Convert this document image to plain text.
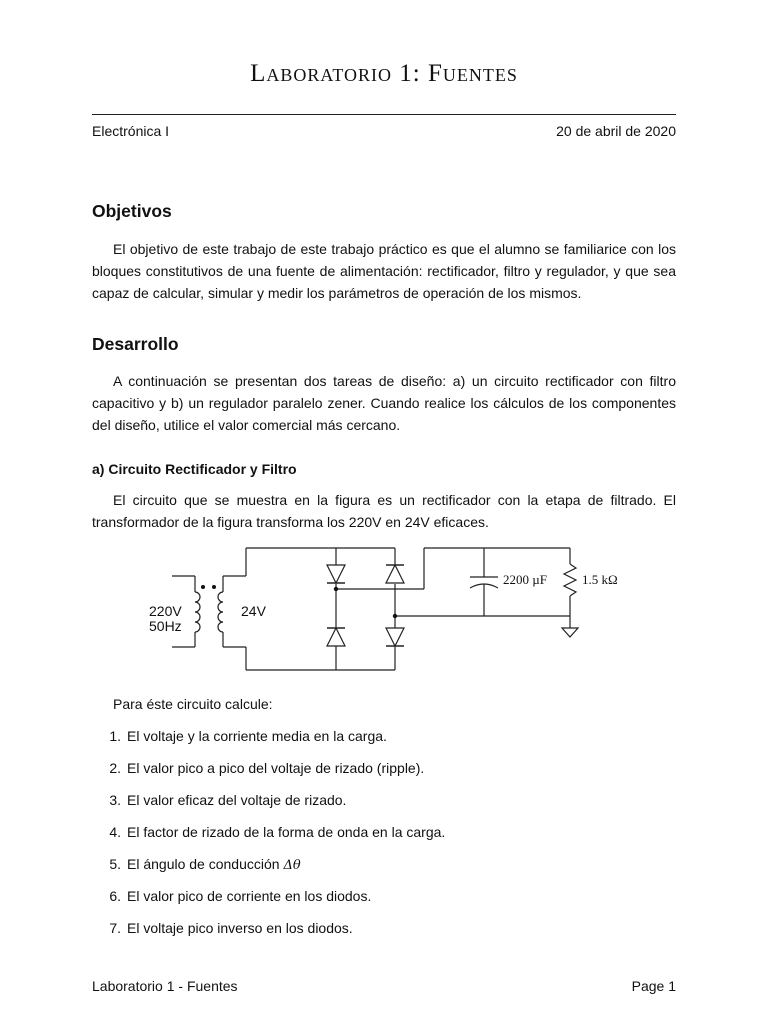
Laboratorio 1: Fuentes
Electrónica I	20 de abril de 2020
Objetivos

El objetivo de este trabajo de este trabajo práctico es que el alumno se familiarice con los bloques constitutivos de una fuente de alimentación: rectificador, filtro y regulador, y que sea capaz de calcular, simular y medir los parámetros de operación de los mismos.

Desarrollo

A continuación se presentan dos tareas de diseño: a) un circuito rectificador con filtro capacitivo y b) un regulador paralelo zener. Cuando realice los cálculos de los componentes del diseño, utilice el valor comercial más cercano.

a) Circuito Rectificador y Filtro

El circuito que se muestra en la figura es un rectificador con la etapa de filtrado. El transformador de la figura transforma los 220V en 24V eficaces.

220V
50Hz
24V
2200 µF	1.5 kΩ

Para éste circuito calcule:

1. El voltaje y la corriente media en la carga.
2. El valor pico a pico del voltaje de rizado (ripple).
3. El valor eficaz del voltaje de rizado.
4. El factor de rizado de la forma de onda en la carga.
5. El ángulo de conducción Δθ
6. El valor pico de corriente en los diodos.
7. El voltaje pico inverso en los diodos.
Laboratorio 1 - Fuentes	Page 1
